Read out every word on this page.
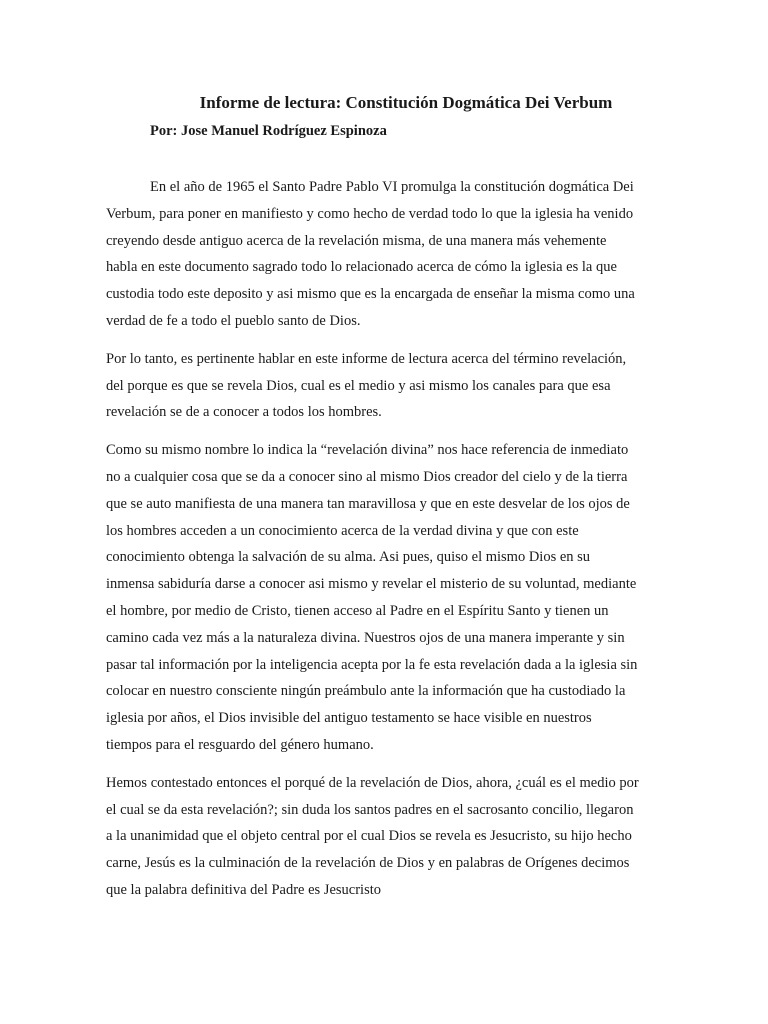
Informe de lectura: Constitución Dogmática Dei Verbum

Por: Jose Manuel Rodríguez Espinoza

En el año de 1965 el Santo Padre Pablo VI promulga la constitución dogmática Dei
Verbum, para poner en manifiesto y como hecho de verdad todo lo que la iglesia ha venido
creyendo desde antiguo acerca de la revelación misma, de una manera más vehemente
habla en este documento sagrado todo lo relacionado acerca de cómo la iglesia es la que
custodia todo este deposito y asi mismo que es la encargada de enseñar la misma como una
verdad de fe a todo el pueblo santo de Dios.
Por lo tanto, es pertinente hablar en este informe de lectura acerca del término revelación,
del porque es que se revela Dios, cual es el medio y asi mismo los canales para que esa
revelación se de a conocer a todos los hombres.
Como su mismo nombre lo indica la “revelación divina” nos hace referencia de inmediato
no a cualquier cosa que se da a conocer sino al mismo Dios creador del cielo y de la tierra
que se auto manifiesta de una manera tan maravillosa y que en este desvelar de los ojos de
los hombres acceden a un conocimiento acerca de la verdad divina y que con este
conocimiento obtenga la salvación de su alma. Asi pues, quiso el mismo Dios en su
inmensa sabiduría darse a conocer asi mismo y revelar el misterio de su voluntad, mediante
el hombre, por medio de Cristo, tienen acceso al Padre en el Espíritu Santo y tienen un
camino cada vez más a la naturaleza divina. Nuestros ojos de una manera imperante y sin
pasar tal información por la inteligencia acepta por la fe esta revelación dada a la iglesia sin
colocar en nuestro consciente ningún preámbulo ante la información que ha custodiado la
iglesia por años, el Dios invisible del antiguo testamento se hace visible en nuestros
tiempos para el resguardo del género humano.
Hemos contestado entonces el porqué de la revelación de Dios, ahora, ¿cuál es el medio por
el cual se da esta revelación?; sin duda los santos padres en el sacrosanto concilio, llegaron
a la unanimidad que el objeto central por el cual Dios se revela es Jesucristo, su hijo hecho
carne, Jesús es la culminación de la revelación de Dios y en palabras de Orígenes decimos
que la palabra definitiva del Padre es Jesucristo
